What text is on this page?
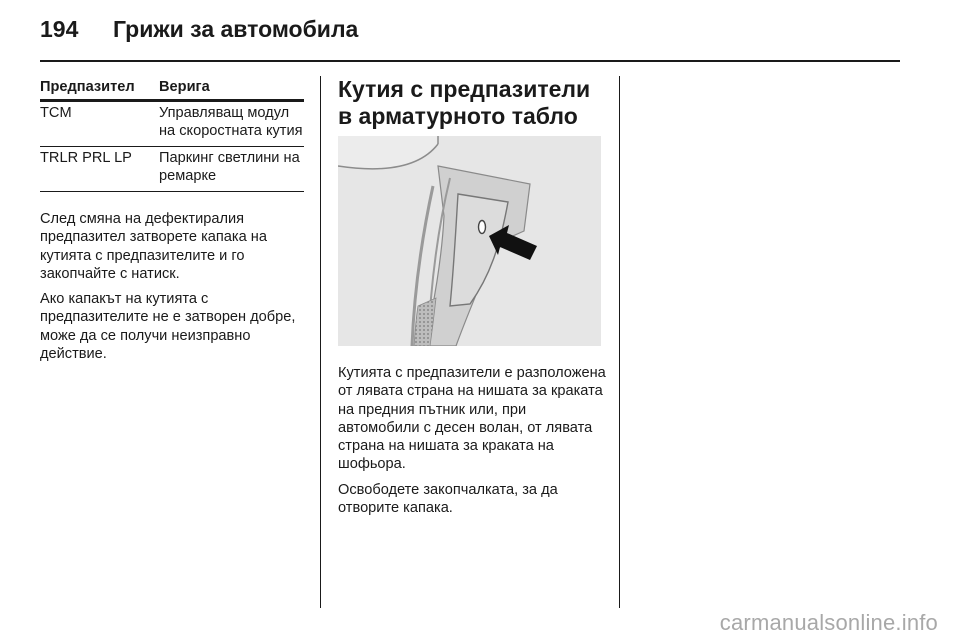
194 Грижи за автомобила
Предпазител	Верига
TCM	Управляващ модул на скоростната кутия
TRLR PRL LP	Паркинг светлини на ремарке

След смяна на дефектиралия предпазител затворете капака на кутията с предпазителите и го закопчайте с натиск.

Ако капакът на кутията с предпазителите не е затворен добре, може да се получи неизправно действие.

Кутия с предпазители в арматурното табло

Кутията с предпазители е разположена от лявата страна на нишата за краката на предния пътник или, при автомобили с десен волан, от лявата страна на нишата за краката на шофьора.

Освободете закопчалката, за да отворите капака.

carmanualsonline.info
